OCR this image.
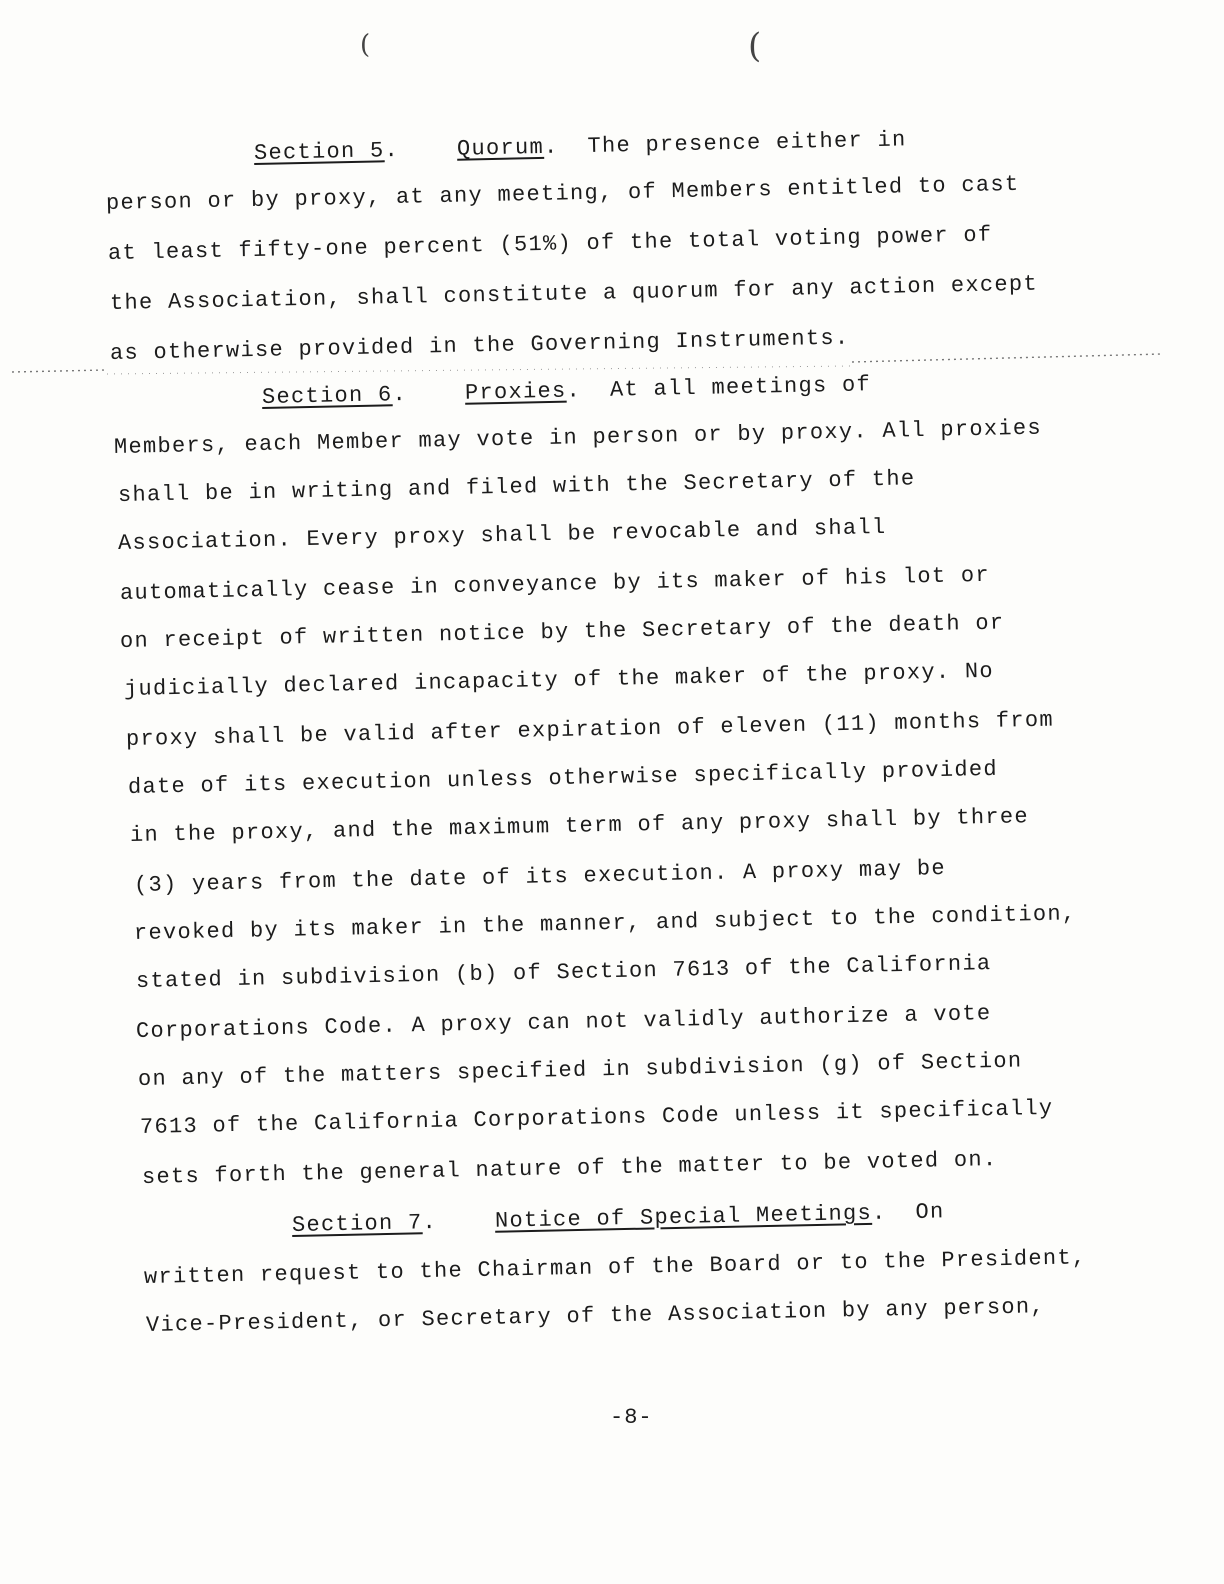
(	(
Section 5.	Quorum.  The presence either in
person or by proxy, at any meeting, of Members entitled to cast
at least fifty-one percent (51%) of the total voting power of
the Association, shall constitute a quorum for any action except
as otherwise provided in the Governing Instruments.
Section 6.	Proxies.  At all meetings of
Members, each Member may vote in person or by proxy. All proxies
shall be in writing and filed with the Secretary of the
Association. Every proxy shall be revocable and shall
automatically cease in conveyance by its maker of his lot or
on receipt of written notice by the Secretary of the death or
judicially declared incapacity of the maker of the proxy. No
proxy shall be valid after expiration of eleven (11) months from
date of its execution unless otherwise specifically provided
in the proxy, and the maximum term of any proxy shall by three
(3) years from the date of its execution. A proxy may be
revoked by its maker in the manner, and subject to the condition,
stated in subdivision (b) of Section 7613 of the California
Corporations Code. A proxy can not validly authorize a vote
on any of the matters specified in subdivision (g) of Section
7613 of the California Corporations Code unless it specifically
sets forth the general nature of the matter to be voted on.
Section 7.	Notice of Special Meetings.  On
written request to the Chairman of the Board or to the President,
Vice-President, or Secretary of the Association by any person,
-8-
